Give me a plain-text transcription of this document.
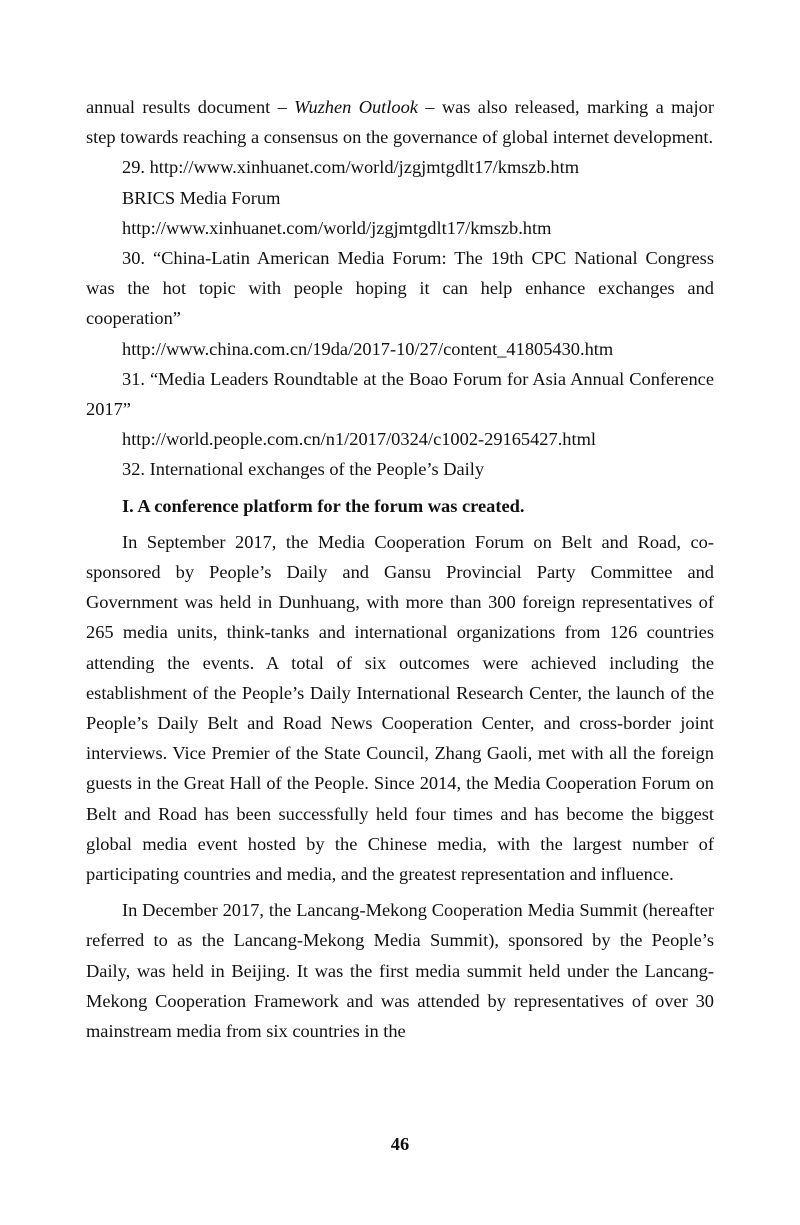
annual results document – Wuzhen Outlook – was also released, marking a major step towards reaching a consensus on the governance of global internet development.

29. http://www.xinhuanet.com/world/jzgjmtgdlt17/kmszb.htm

BRICS Media Forum

http://www.xinhuanet.com/world/jzgjmtgdlt17/kmszb.htm

30. “China-Latin American Media Forum: The 19th CPC National Congress was the hot topic with people hoping it can help enhance exchanges and cooperation”

http://www.china.com.cn/19da/2017-10/27/content_41805430.htm

31. “Media Leaders Roundtable at the Boao Forum for Asia Annual Conference 2017”

http://world.people.com.cn/n1/2017/0324/c1002-29165427.html

32. International exchanges of the People’s Daily

I. A conference platform for the forum was created.

In September 2017, the Media Cooperation Forum on Belt and Road, co-sponsored by People’s Daily and Gansu Provincial Party Committee and Government was held in Dunhuang, with more than 300 foreign representatives of 265 media units, think-tanks and international organizations from 126 countries attending the events. A total of six outcomes were achieved including the establishment of the People’s Daily International Research Center, the launch of the People’s Daily Belt and Road News Cooperation Center, and cross-border joint interviews. Vice Premier of the State Council, Zhang Gaoli, met with all the foreign guests in the Great Hall of the People. Since 2014, the Media Cooperation Forum on Belt and Road has been successfully held four times and has become the biggest global media event hosted by the Chinese media, with the largest number of participating countries and media, and the greatest representation and influence.

In December 2017, the Lancang-Mekong Cooperation Media Summit (hereafter referred to as the Lancang-Mekong Media Summit), sponsored by the People’s Daily, was held in Beijing. It was the first media summit held under the Lancang-Mekong Cooperation Framework and was attended by representatives of over 30 mainstream media from six countries in the

46
